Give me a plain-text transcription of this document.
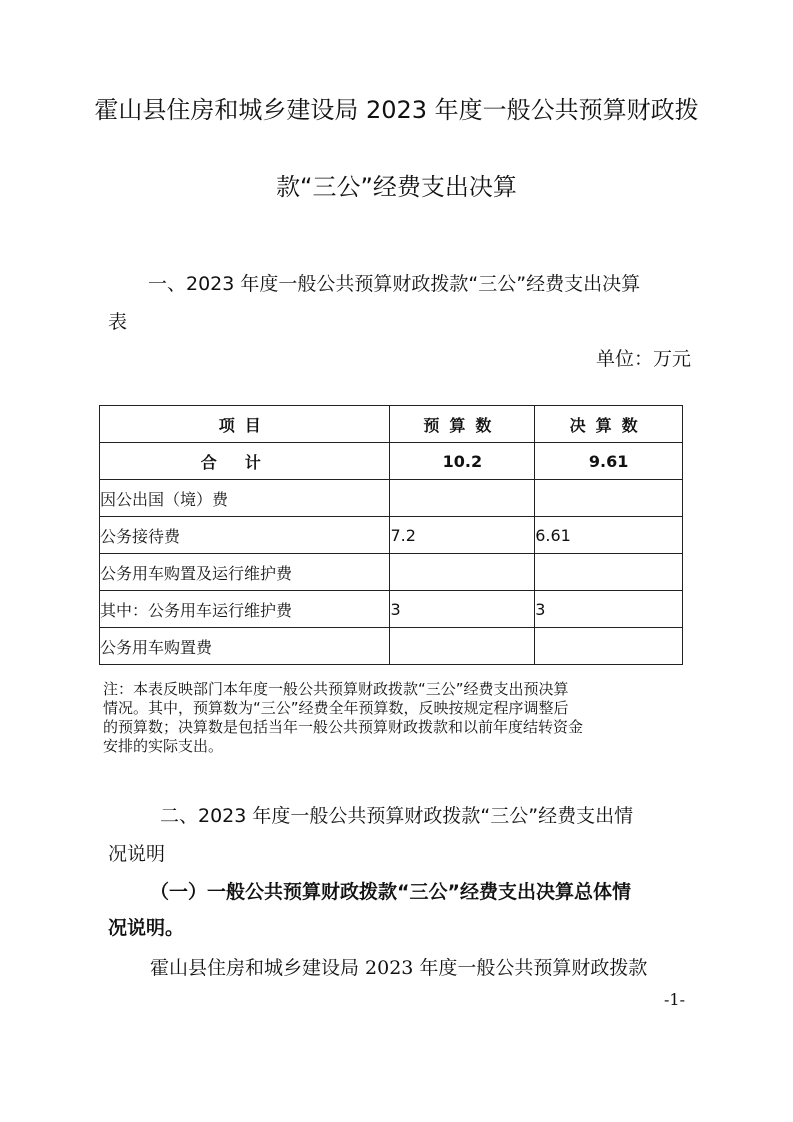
霍山县住房和城乡建设局 2023 年度一般公共预算财政拨
款“三公”经费支出决算
一、2023 年度一般公共预算财政拨款“三公”经费支出决算
表
单位：万元
项目	预算数	决算数
合计	10.2	9.61
因公出国（境）费		
公务接待费	7.2	6.61
公务用车购置及运行维护费		
其中：公务用车运行维护费	3	3
公务用车购置费		
注：本表反映部门本年度一般公共预算财政拨款“三公”经费支出预决算
情况。其中，预算数为“三公”经费全年预算数，反映按规定程序调整后
的预算数；决算数是包括当年一般公共预算财政拨款和以前年度结转资金
安排的实际支出。
二、2023 年度一般公共预算财政拨款“三公”经费支出情
况说明
（一）一般公共预算财政拨款“三公”经费支出决算总体情
况说明。
霍山县住房和城乡建设局 2023 年度一般公共预算财政拨款
-1-
